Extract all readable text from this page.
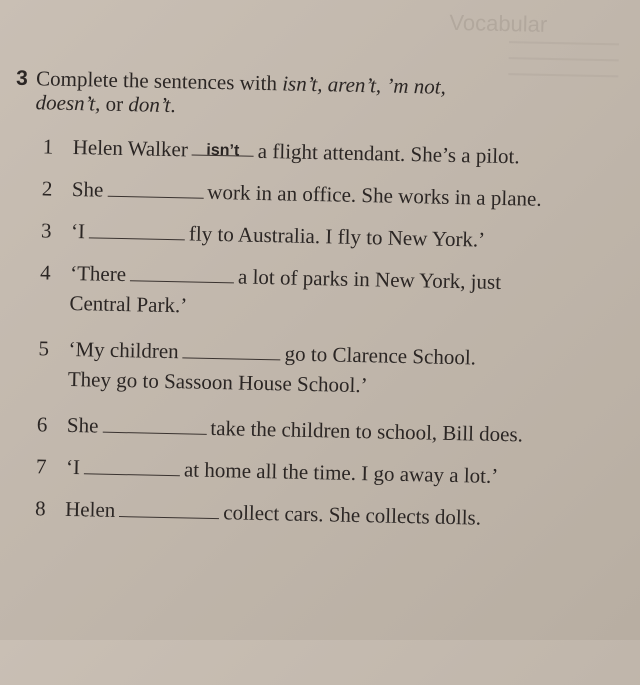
Vocabular
3 Complete the sentences with isn’t, aren’t, ’m not,
doesn’t, or don’t.
1 Helen Walker isn’t a flight attendant. She’s a pilot.
2 She	work in an office. She works in a plane.
3 ‘I	fly to Australia. I fly to New York.’
4 ‘There	a lot of parks in New York, just
Central Park.’
5 ‘My children	go to Clarence School.
They go to Sassoon House School.’
6 She	take the children to school, Bill does.
7 ‘I	at home all the time. I go away a lot.’
8 Helen	collect cars. She collects dolls.
